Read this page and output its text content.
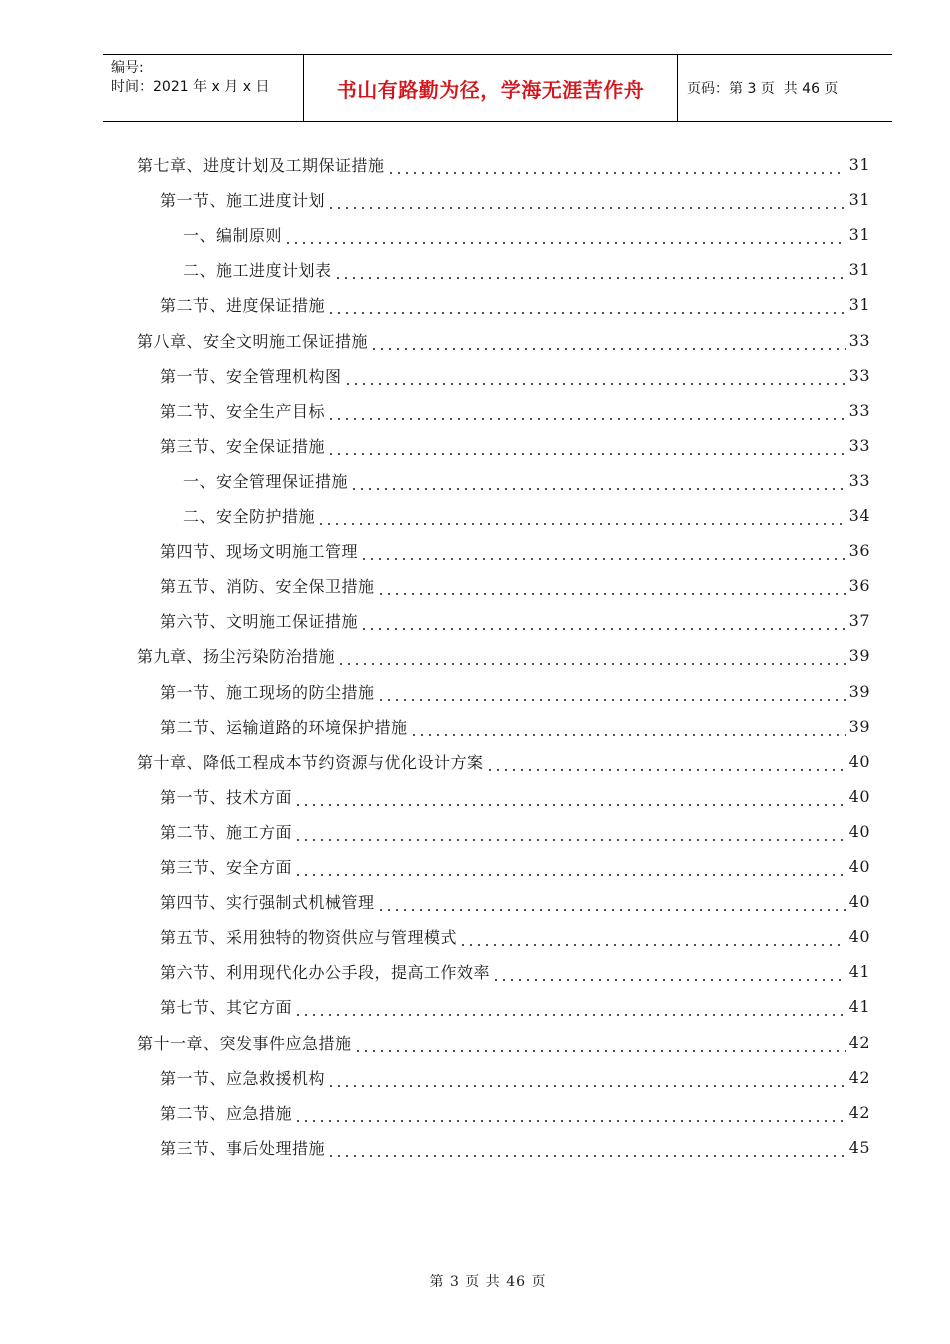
编号:
时间：2021 年 x 月 x 日	书山有路勤为径，学海无涯苦作舟	页码：第 3 页  共 46 页
第七章、进度计划及工期保证措施	31
第一节、施工进度计划	31
一、编制原则	31
二、施工进度计划表	31
第二节、进度保证措施	31
第八章、安全文明施工保证措施	33
第一节、安全管理机构图	33
第二节、安全生产目标	33
第三节、安全保证措施	33
一、安全管理保证措施	33
二、安全防护措施	34
第四节、现场文明施工管理	36
第五节、消防、安全保卫措施	36
第六节、文明施工保证措施	37
第九章、扬尘污染防治措施	39
第一节、施工现场的防尘措施	39
第二节、运输道路的环境保护措施	39
第十章、降低工程成本节约资源与优化设计方案	40
第一节、技术方面	40
第二节、施工方面	40
第三节、安全方面	40
第四节、实行强制式机械管理	40
第五节、采用独特的物资供应与管理模式	40
第六节、利用现代化办公手段，提高工作效率	41
第七节、其它方面	41
第十一章、突发事件应急措施	42
第一节、应急救援机构	42
第二节、应急措施	42
第三节、事后处理措施	45
第 3 页 共 46 页
